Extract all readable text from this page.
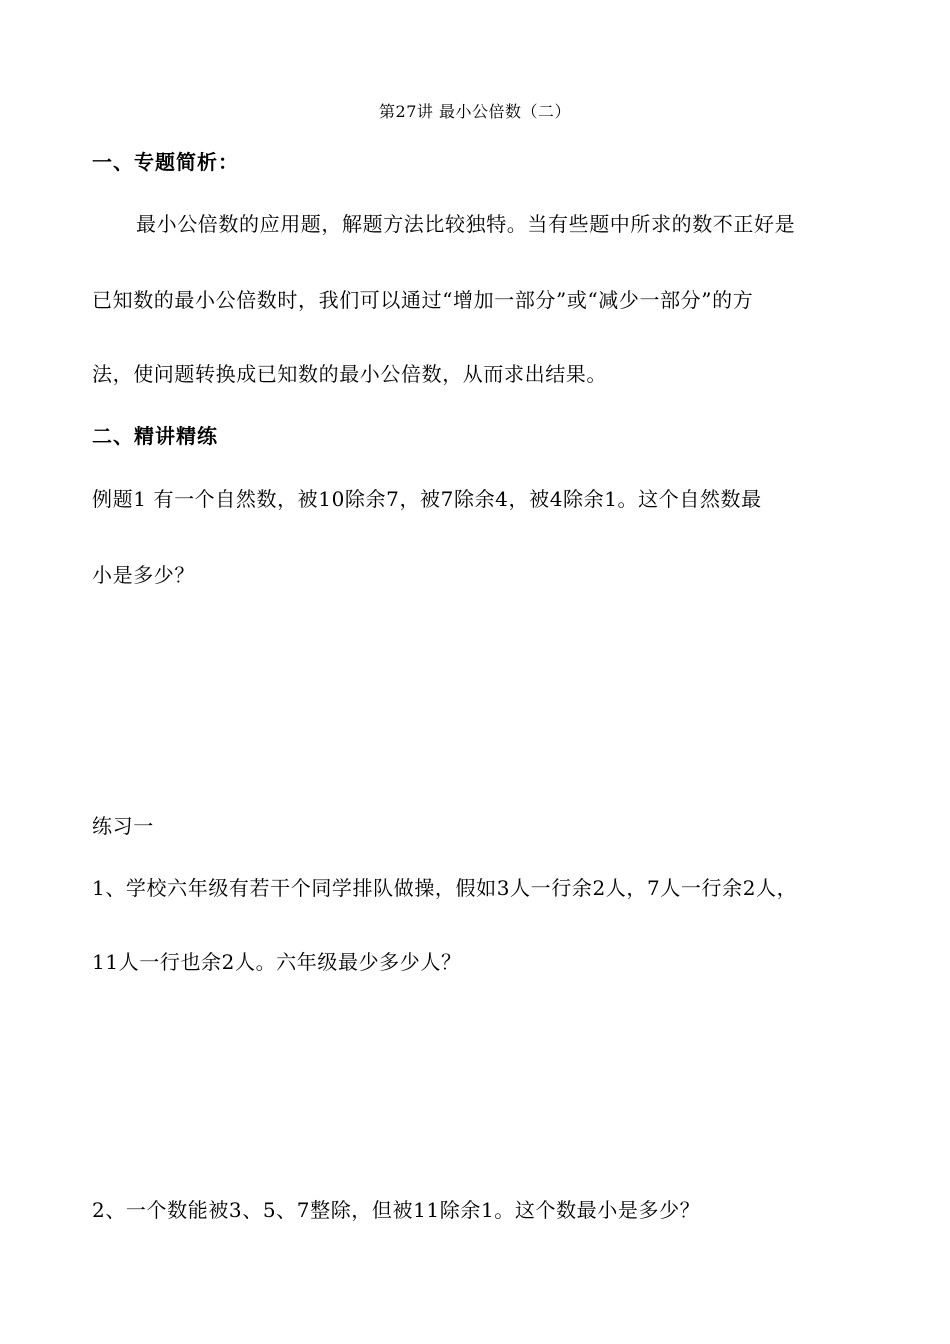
第27讲 最小公倍数（二）
一、专题简析：
最小公倍数的应用题，解题方法比较独特。当有些题中所求的数不正好是
已知数的最小公倍数时，我们可以通过“增加一部分”或“减少一部分”的方
法，使问题转换成已知数的最小公倍数，从而求出结果。
二、精讲精练
例题1 有一个自然数，被10除余7，被7除余4，被4除余1。这个自然数最
小是多少？
练习一
1、学校六年级有若干个同学排队做操，假如3人一行余2人，7人一行余2人，
11人一行也余2人。六年级最少多少人？
2、一个数能被3、5、7整除，但被11除余1。这个数最小是多少？
